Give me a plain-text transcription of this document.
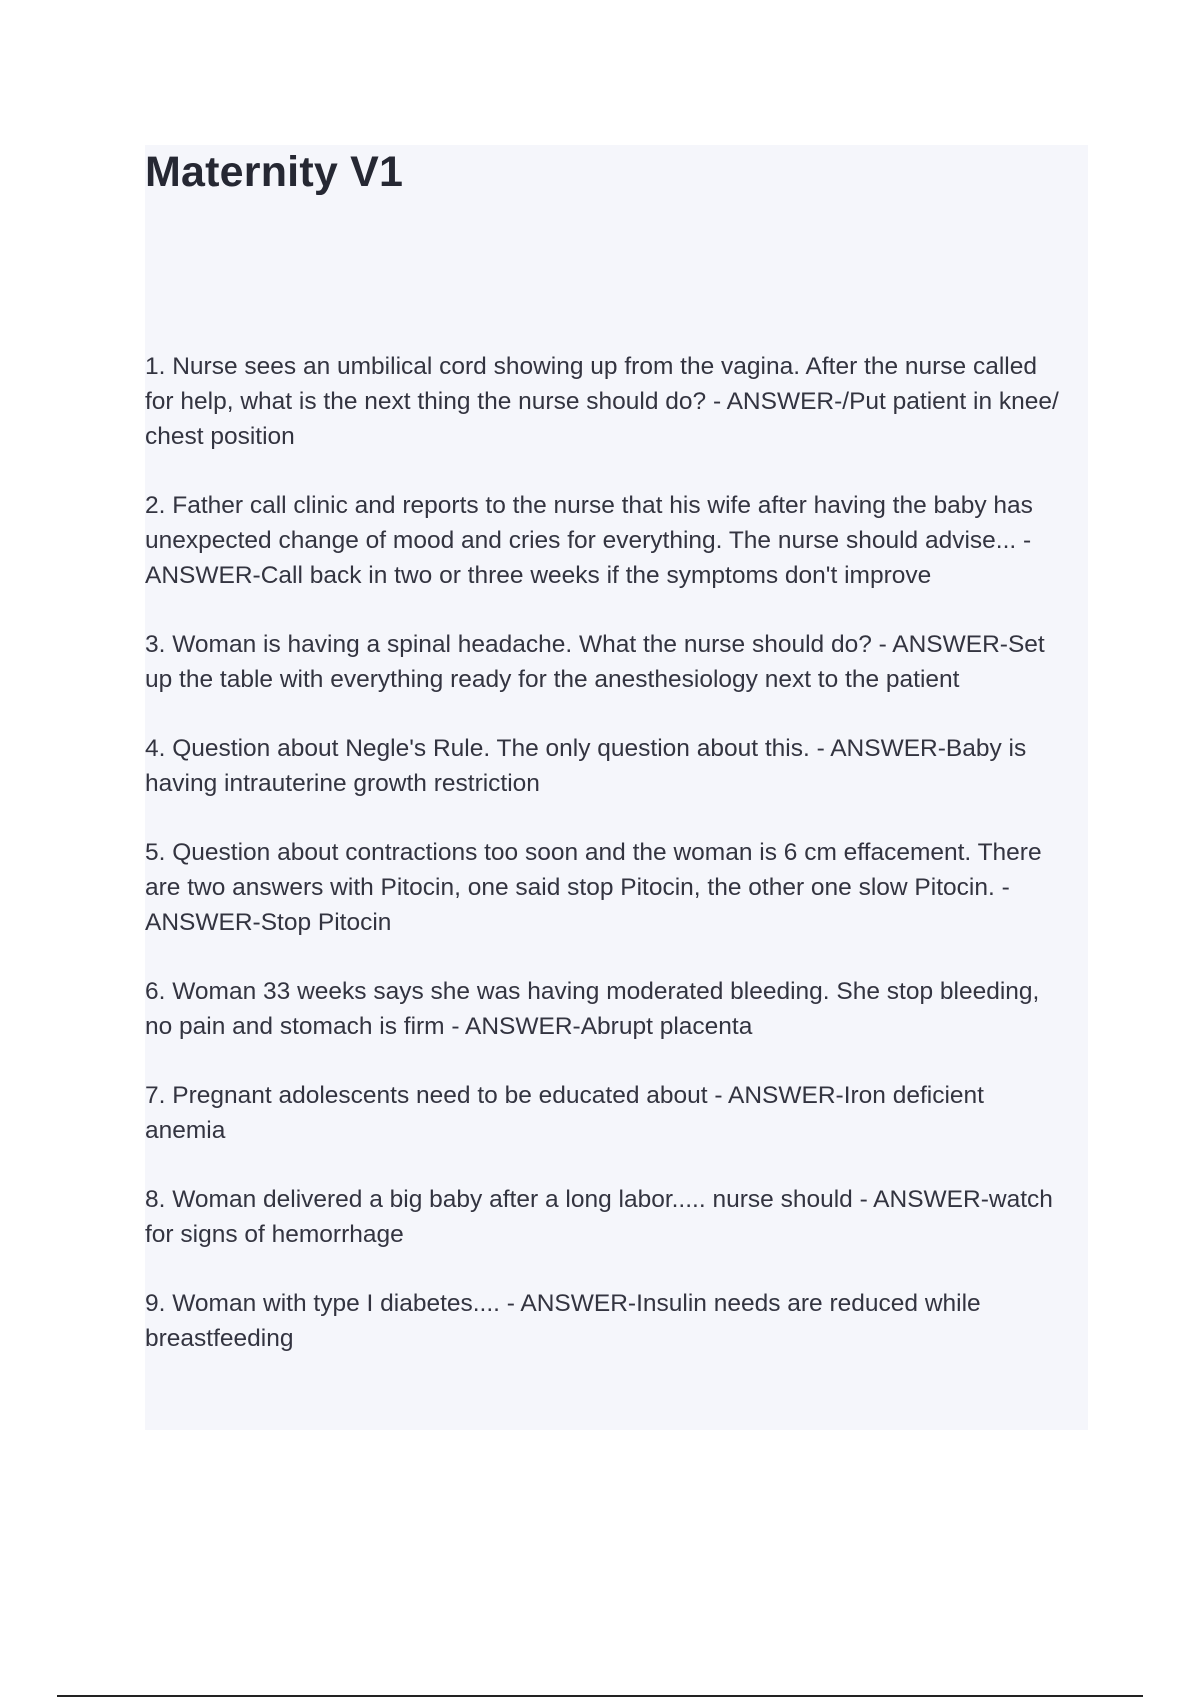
Maternity V1

1. Nurse sees an umbilical cord showing up from the vagina. After the nurse called for help, what is the next thing the nurse should do? - ANSWER-/Put patient in knee/ chest position

2. Father call clinic and reports to the nurse that his wife after having the baby has unexpected change of mood and cries for everything. The nurse should advise... - ANSWER-Call back in two or three weeks if the symptoms don't improve

3. Woman is having a spinal headache. What the nurse should do? - ANSWER-Set up the table with everything ready for the anesthesiology next to the patient

4. Question about Negle's Rule. The only question about this. - ANSWER-Baby is having intrauterine growth restriction

5. Question about contractions too soon and the woman is 6 cm effacement. There are two answers with Pitocin, one said stop Pitocin, the other one slow Pitocin. - ANSWER-Stop Pitocin

6. Woman 33 weeks says she was having moderated bleeding. She stop bleeding, no pain and stomach is firm - ANSWER-Abrupt placenta

7. Pregnant adolescents need to be educated about - ANSWER-Iron deficient anemia

8. Woman delivered a big baby after a long labor..... nurse should - ANSWER-watch for signs of hemorrhage

9. Woman with type I diabetes.... - ANSWER-Insulin needs are reduced while breastfeeding
